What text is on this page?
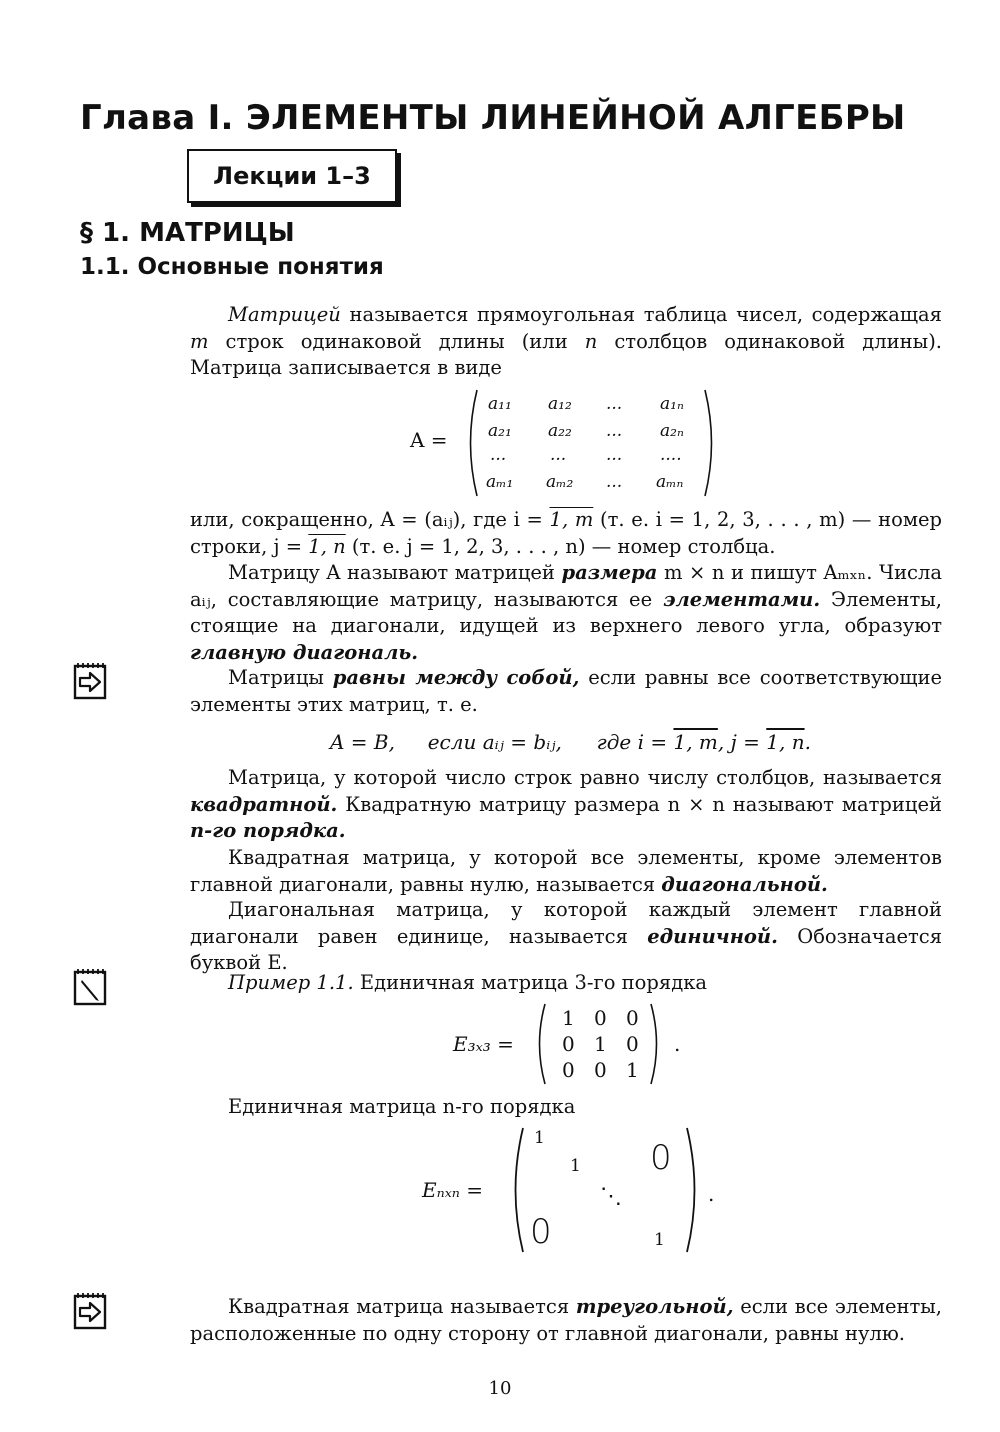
Глава I. ЭЛЕМЕНТЫ ЛИНЕЙНОЙ АЛГЕБРЫ
Лекции 1–3
§ 1. МАТРИЦЫ
1.1. Основные понятия
Матрицей называется прямоугольная таблица чисел, содержащая m строк одинаковой длины (или n столбцов одинаковой длины). Матрица записывается в виде
A =
a₁₁ a₁₂ ... a₁ₙ
a₂₁ a₂₂ ... a₂ₙ
...	... ... ....
aₘ₁ aₘ₂ ... aₘₙ
или, сокращенно, A = (aᵢⱼ), где i = 1, m (т. е. i = 1, 2, 3, . . . , m) — номер строки, j = 1, n (т. е. j = 1, 2, 3, . . . , n) — номер столбца.
Матрицу A называют матрицей размера m × n и пишут Aₘₓₙ. Числа aᵢⱼ, составляющие матрицу, называются ее элементами. Элементы, стоящие на диагонали, идущей из верхнего левого угла, образуют главную диагональ.
Матрицы равны между собой, если равны все соответствующие элементы этих матриц, т. е.
A = B, если aᵢⱼ = bᵢⱼ, где i = 1, m, j = 1, n.
Матрица, у которой число строк равно числу столбцов, называется квадратной. Квадратную матрицу размера n × n называют матрицей n-го порядка.
Квадратная матрица, у которой все элементы, кроме элементов главной диагонали, равны нулю, называется диагональной.
Диагональная матрица, у которой каждый элемент главной диагонали равен единице, называется единичной. Обозначается буквой E.
Пример 1.1. Единичная матрица 3-го порядка
E₃ₓ₃ =
1 0 0
0 1 0
0 0 1
.
Единичная матрица n-го порядка
Eₙₓₙ =
1
1 0
⋱
0	1
.
Квадратная матрица называется треугольной, если все элементы, расположенные по одну сторону от главной диагонали, равны нулю.
10
